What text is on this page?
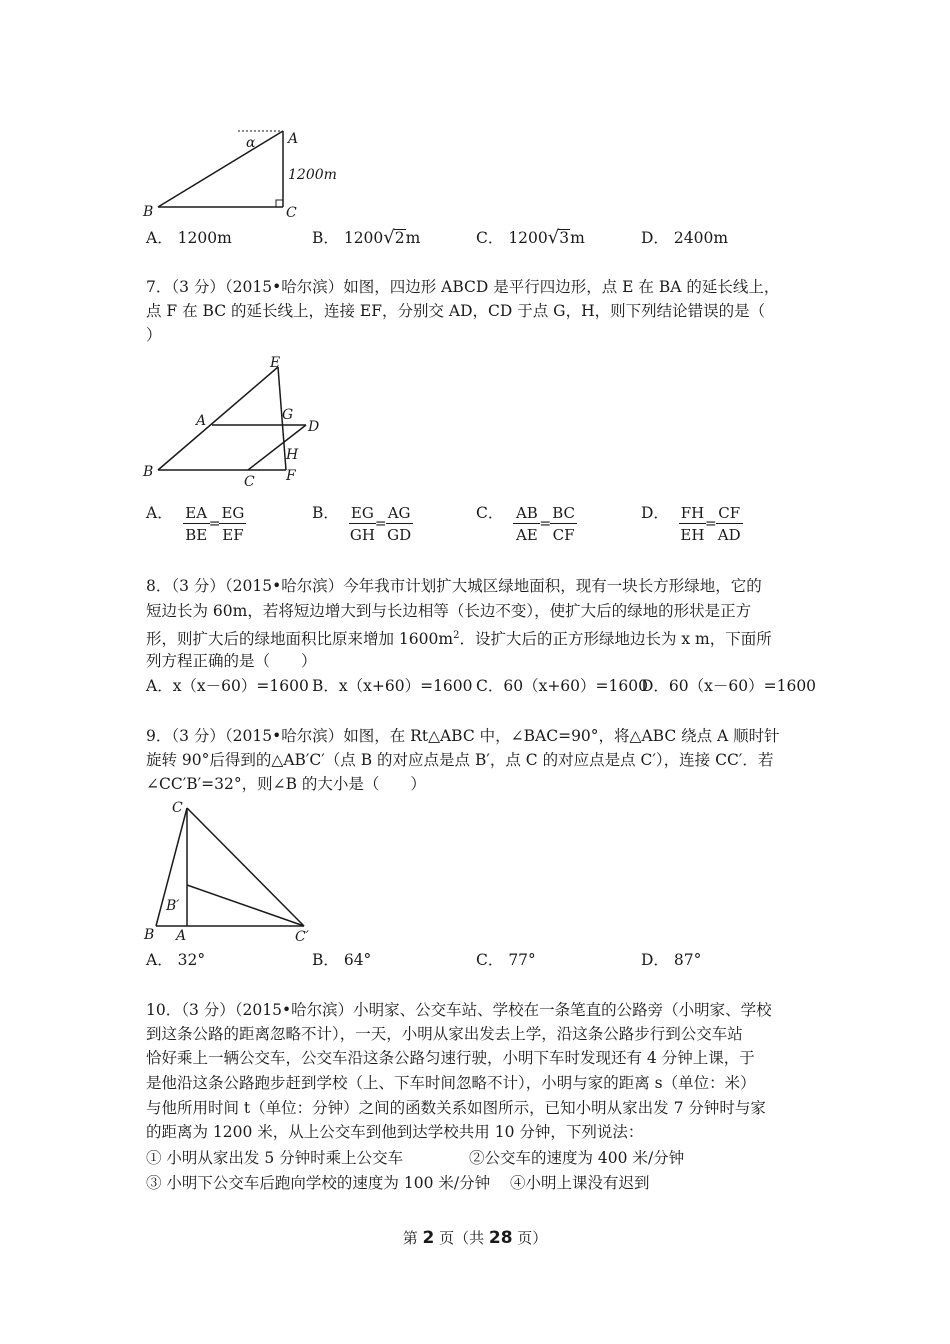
α A
1200m
B	C
A． 1200m	B． 1200√2m	C． 1200√3m	D． 2400m
7．（3 分）（2015•哈尔滨）如图，四边形 ABCD 是平行四边形，点 E 在 BA 的延长线上，
点 F 在 BC 的延长线上，连接 EF，分别交 AD，CD 于点 G，H，则下列结论错误的是（
）
E
A	G
D
H
B
C F
A． $\frac{EA}{BE} = \frac{EG}{EF}$	B． $\frac{EG}{GH} = \frac{AG}{GD}$	C． $\frac{AB}{AE} = \frac{BC}{CF}$	D． $\frac{FH}{EH} = \frac{CF}{AD}$
8．（3 分）（2015•哈尔滨）今年我市计划扩大城区绿地面积，现有一块长方形绿地，它的
短边长为 60m，若将短边增大到与长边相等（长边不变），使扩大后的绿地的形状是正方
形，则扩大后的绿地面积比原来增加 $1600m^2$．设扩大后的正方形绿地边长为 x m，下面所
列方程正确的是（　　）
A．x（x－60）=1600 B．x（x+60）=1600 C．60（x+60）=1600
D．60（x－60）=1600
9．（3 分）（2015•哈尔滨）如图，在 Rt△ABC 中，∠BAC=90°，将△ABC 绕点 A 顺时针
旋转 90°后得到的△AB′C′（点 B 的对应点是点 B′，点 C 的对应点是点 C′），连接 CC′．若
∠CC′B′=32°，则∠B 的大小是（　　）
C
B′
B A	C′
A． 32°	B． 64°	C． 77°	D． 87°
10．（3 分）（2015•哈尔滨）小明家、公交车站、学校在一条笔直的公路旁（小明家、学校
到这条公路的距离忽略不计），一天，小明从家出发去上学，沿这条公路步行到公交车站
恰好乘上一辆公交车，公交车沿这条公路匀速行驶，小明下车时发现还有 4 分钟上课，于
是他沿这条公路跑步赶到学校（上、下车时间忽略不计），小明与家的距离 s（单位：米）
与他所用时间 t（单位：分钟）之间的函数关系如图所示，已知小明从家出发 7 分钟时与家
的距离为 1200 米，从上公交车到他到达学校共用 10 分钟，下列说法：
① 小明从家出发 5 分钟时乘上公交车	②公交车的速度为 400 米/分钟
③ 小明下公交车后跑向学校的速度为 100 米/分钟 ④小明上课没有迟到
第 2 页（共 28 页）
